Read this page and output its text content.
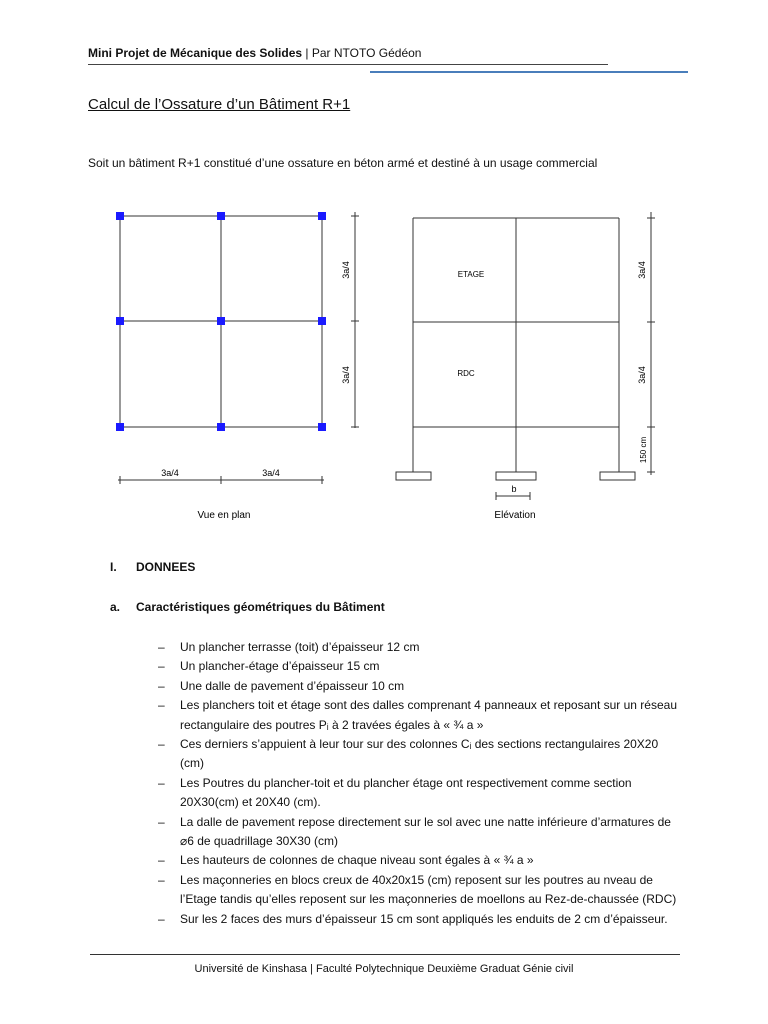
Mini Projet de Mécanique des Solides | Par NTOTO Gédéon
Calcul de l’Ossature d’un Bâtiment R+1
Soit un bâtiment R+1 constitué d’une ossature en béton armé et destiné à un usage commercial
3a/4	3a/4
3a/4
3a/4
Vue en plan
ETAGE
RDC
3a/4
3a/4
150 cm
b
Elévation
I. DONNEES
a. Caractéristiques géométriques du Bâtiment
– Un plancher terrasse (toit) d’épaisseur 12 cm
– Un plancher-étage d’épaisseur 15 cm
– Une dalle de pavement d’épaisseur 10 cm
– Les planchers toit et étage sont des dalles comprenant 4 panneaux et reposant sur un réseau rectangulaire des poutres Pᵢ à 2 travées égales à « ¾ a »
– Ces derniers s’appuient à leur tour sur des colonnes Cᵢ des sections rectangulaires 20X20 (cm)
– Les Poutres du plancher-toit et du plancher étage ont respectivement comme section 20X30(cm) et 20X40 (cm).
– La dalle de pavement repose directement sur le sol avec une natte inférieure d’armatures de ⌀6 de quadrillage 30X30 (cm)
– Les hauteurs de colonnes de chaque niveau sont égales à « ¾ a »
– Les maçonneries en blocs creux de 40x20x15 (cm) reposent sur les poutres au nveau de l’Etage tandis qu’elles reposent sur les maçonneries de moellons au Rez-de-chaussée (RDC)
– Sur les 2 faces des murs d’épaisseur 15 cm sont appliqués les enduits de 2 cm d’épaisseur.
Université de Kinshasa | Faculté Polytechnique Deuxième Graduat Génie civil
